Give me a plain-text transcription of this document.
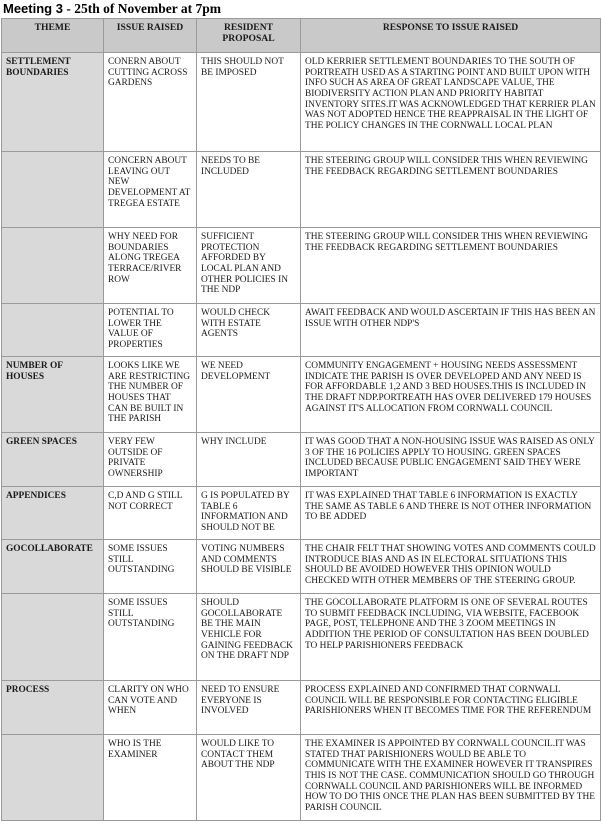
Meeting 3 - 25th of November at 7pm
THEME	ISSUE RAISED	RESIDENT PROPOSAL	RESPONSE TO ISSUE RAISED
SETTLEMENT BOUNDARIES	CONERN ABOUT CUTTING ACROSS GARDENS	THIS SHOULD NOT BE IMPOSED	OLD KERRIER SETTLEMENT BOUNDARIES TO THE SOUTH OF PORTREATH USED AS A STARTING POINT AND BUILT UPON WITH INFO SUCH AS AREA OF GREAT LANDSCAPE VALUE, THE BIODIVERSITY ACTION PLAN AND PRIORITY HABITAT INVENTORY SITES.IT WAS ACKNOWLEDGED THAT KERRIER PLAN WAS NOT ADOPTED HENCE THE REAPPRAISAL IN THE LIGHT OF THE POLICY CHANGES IN THE CORNWALL LOCAL PLAN
	CONCERN ABOUT LEAVING OUT NEW DEVELOPMENT AT TREGEA ESTATE	NEEDS TO BE INCLUDED	THE STEERING GROUP WILL CONSIDER THIS WHEN REVIEWING THE FEEDBACK REGARDING SETTLEMENT BOUNDARIES
	WHY NEED FOR BOUNDARIES ALONG TREGEA TERRACE/RIVER ROW	SUFFICIENT PROTECTION AFFORDED BY LOCAL PLAN AND OTHER POLICIES IN THE NDP	THE STEERING GROUP WILL CONSIDER THIS WHEN REVIEWING THE FEEDBACK REGARDING SETTLEMENT BOUNDARIES
	POTENTIAL TO LOWER THE VALUE OF PROPERTIES	WOULD CHECK WITH ESTATE AGENTS	AWAIT FEEDBACK AND WOULD ASCERTAIN IF THIS HAS BEEN AN ISSUE WITH OTHER NDP'S
NUMBER OF HOUSES	LOOKS LIKE WE ARE RESTRICTING THE NUMBER OF HOUSES THAT CAN BE BUILT IN THE PARISH	WE NEED DEVELOPMENT	COMMUNITY ENGAGEMENT + HOUSING NEEDS ASSESSMENT INDICATE THE PARISH IS OVER DEVELOPED AND ANY NEED IS FOR AFFORDABLE 1,2 AND 3 BED HOUSES.THIS IS INCLUDED IN THE DRAFT NDP.PORTREATH HAS OVER DELIVERED 179 HOUSES AGAINST IT'S ALLOCATION FROM CORNWALL COUNCIL
GREEN SPACES	VERY FEW OUTSIDE OF PRIVATE OWNERSHIP	WHY INCLUDE	IT WAS GOOD THAT A NON-HOUSING ISSUE WAS RAISED AS ONLY 3 OF THE 16 POLICIES APPLY TO HOUSING. GREEN SPACES INCLUDED BECAUSE PUBLIC ENGAGEMENT SAID THEY WERE IMPORTANT
APPENDICES	C,D AND G STILL NOT CORRECT	G IS POPULATED BY TABLE 6 INFORMATION AND SHOULD NOT BE	IT WAS EXPLAINED THAT TABLE 6 INFORMATION IS EXACTLY THE SAME AS TABLE 6 AND THERE IS NOT OTHER INFORMATION TO BE ADDED
GOCOLLABORATE	SOME ISSUES STILL OUTSTANDING	VOTING NUMBERS AND COMMENTS SHOULD BE VISIBLE	THE CHAIR FELT THAT SHOWING VOTES AND COMMENTS COULD INTRODUCE BIAS AND AS IN ELECTORAL SITUATIONS THIS SHOULD BE AVOIDED HOWEVER THIS OPINION WOULD CHECKED WITH OTHER MEMBERS OF THE STEERING GROUP.
	SOME ISSUES STILL OUTSTANDING	SHOULD GOCOLLABORATE BE THE MAIN VEHICLE FOR GAINING FEEDBACK ON THE DRAFT NDP	THE GOCOLLABORATE PLATFORM IS ONE OF SEVERAL ROUTES TO SUBMIT FEEDBACK INCLUDING, VIA WEBSITE, FACEBOOK PAGE, POST, TELEPHONE AND THE 3 ZOOM MEETINGS IN ADDITION THE PERIOD OF CONSULTATION HAS BEEN DOUBLED TO HELP PARISHIONERS FEEDBACK
PROCESS	CLARITY ON WHO CAN VOTE AND WHEN	NEED TO ENSURE EVERYONE IS INVOLVED	PROCESS EXPLAINED AND CONFIRMED THAT CORNWALL COUNCIL WILL BE RESPONSIBLE FOR CONTACTING ELIGIBLE PARISHIONERS WHEN IT BECOMES TIME FOR THE REFERENDUM
	WHO IS THE EXAMINER	WOULD LIKE TO CONTACT THEM ABOUT THE NDP	THE EXAMINER IS APPOINTED BY CORNWALL COUNCIL.IT WAS STATED THAT PARISHIONERS WOULD BE ABLE TO COMMUNICATE WITH THE EXAMINER HOWEVER IT TRANSPIRES THIS IS NOT THE CASE. COMMUNICATION SHOULD GO THROUGH CORNWALL COUNCIL AND PARISHIONERS WILL BE INFORMED HOW TO DO THIS ONCE THE PLAN HAS BEEN SUBMITTED BY THE PARISH COUNCIL
